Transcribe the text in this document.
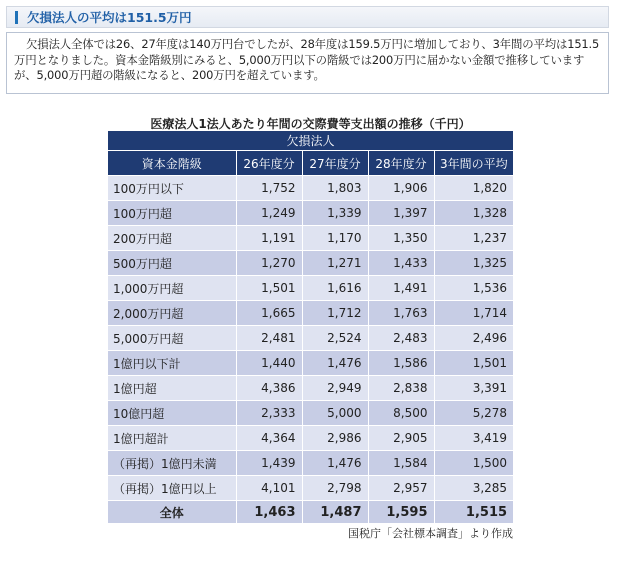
欠損法人の平均は151.5万円
欠損法人全体では26、27年度は140万円台でしたが、28年度は159.5万円に増加しており、3年間の平均は151.5万円となりました。資本金階級別にみると、5,000万円以下の階級では200万円に届かない金額で推移していますが、5,000万円超の階級になると、200万円を超えています。
医療法人1法人あたり年間の交際費等支出額の推移（千円）
欠損法人				
資本金階級	26年度分	27年度分	28年度分	3年間の平均
100万円以下	1,752	1,803	1,906	1,820
100万円超	1,249	1,339	1,397	1,328
200万円超	1,191	1,170	1,350	1,237
500万円超	1,270	1,271	1,433	1,325
1,000万円超	1,501	1,616	1,491	1,536
2,000万円超	1,665	1,712	1,763	1,714
5,000万円超	2,481	2,524	2,483	2,496
1億円以下計	1,440	1,476	1,586	1,501
1億円超	4,386	2,949	2,838	3,391
10億円超	2,333	5,000	8,500	5,278
1億円超計	4,364	2,986	2,905	3,419
（再掲）1億円未満	1,439	1,476	1,584	1,500
（再掲）1億円以上	4,101	2,798	2,957	3,285
全体	1,463	1,487	1,595	1,515
国税庁「会社標本調査」より作成
